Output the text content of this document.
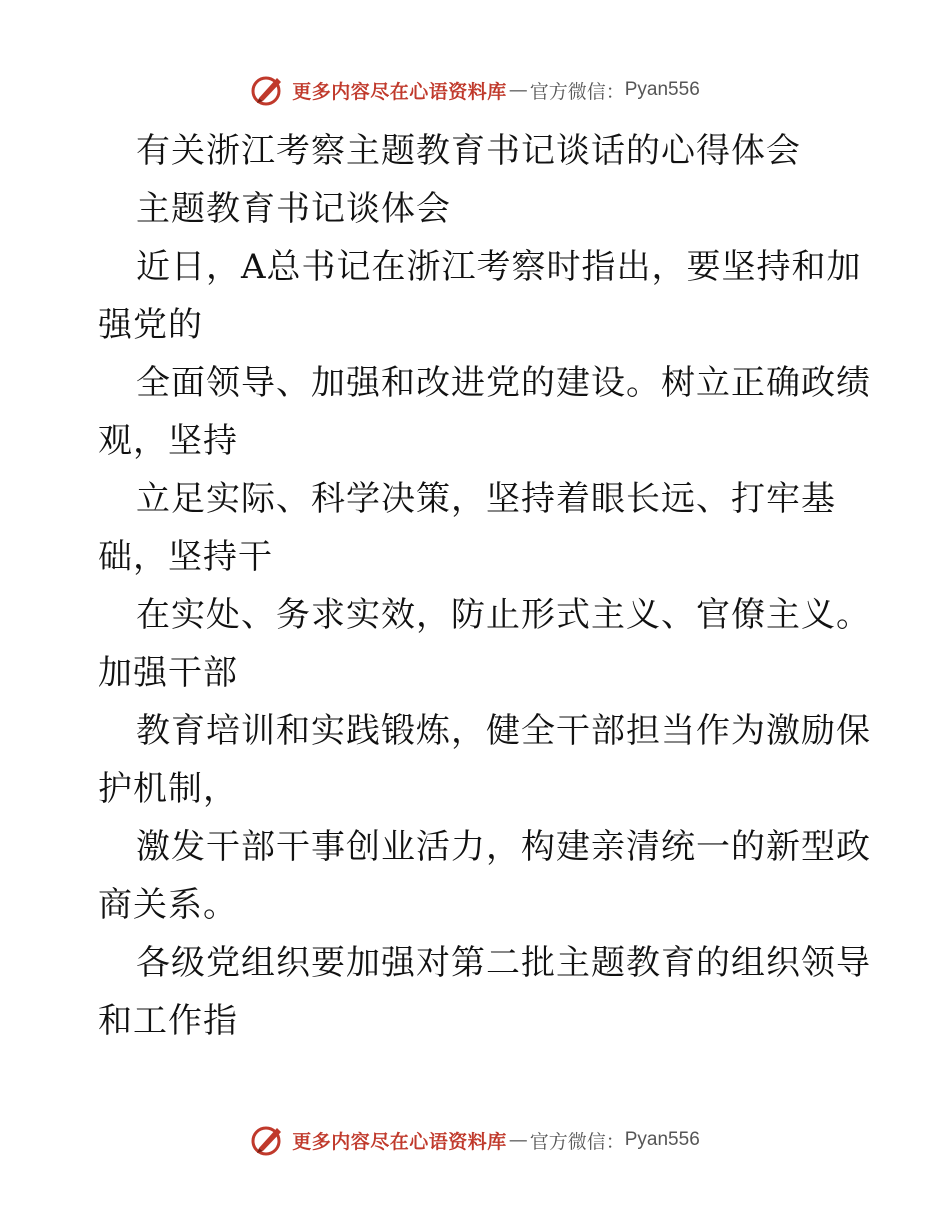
更多内容尽在心语资料库 — 官方微信： Pyan556
有关浙江考察主题教育书记谈话的心得体会
主题教育书记谈体会
近日，A总书记在浙江考察时指出，要坚持和加
强党的
全面领导、加强和改进党的建设。树立正确政绩
观，坚持
立足实际、科学决策，坚持着眼长远、打牢基
础，坚持干
在实处、务求实效，防止形式主义、官僚主义。
加强干部
教育培训和实践锻炼，健全干部担当作为激励保
护机制，
激发干部干事创业活力，构建亲清统一的新型政
商关系。
各级党组织要加强对第二批主题教育的组织领导
和工作指
更多内容尽在心语资料库 — 官方微信： Pyan556
